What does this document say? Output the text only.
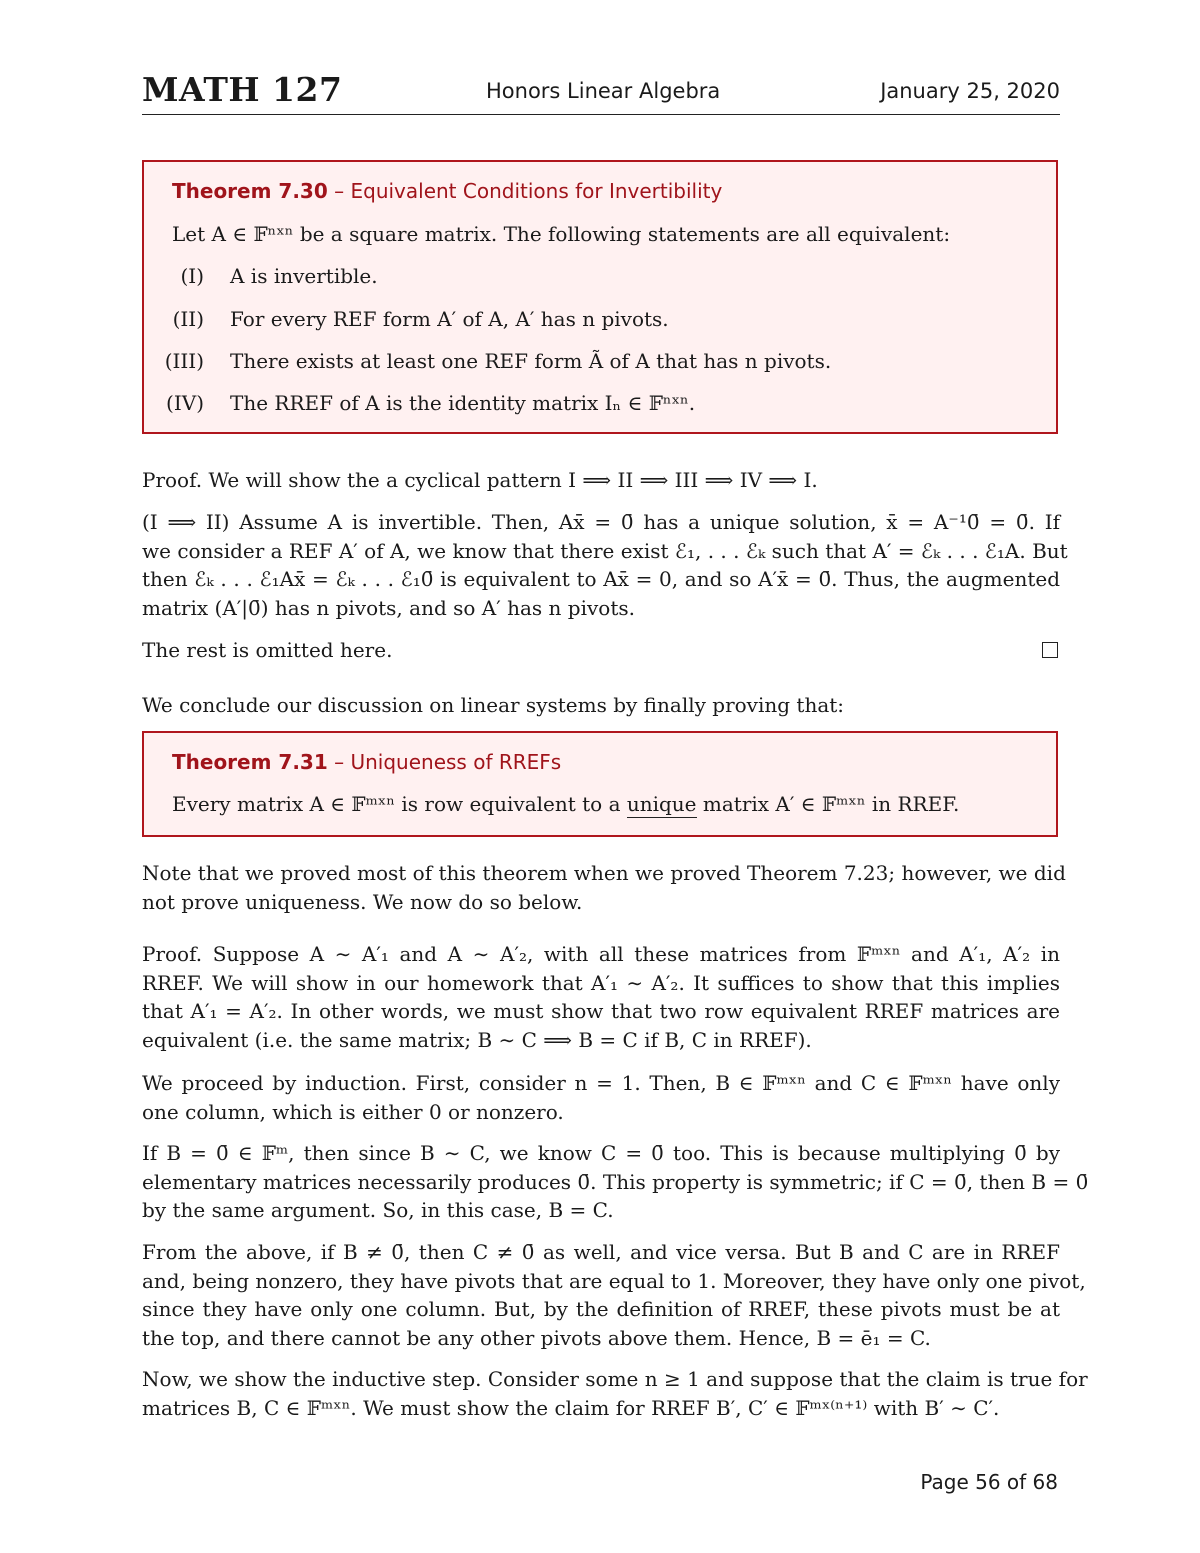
MATH 127	Honors Linear Algebra	January 25, 2020
Theorem 7.30 – Equivalent Conditions for Invertibility
Let A ∈ 𝔽ⁿˣⁿ be a square matrix. The following statements are all equivalent:
(I) A is invertible.
(II) For every REF form A′ of A, A′ has n pivots.
(III) There exists at least one REF form Ã of A that has n pivots.
(IV) The RREF of A is the identity matrix Iₙ ∈ 𝔽ⁿˣⁿ.
Proof. We will show the a cyclical pattern I ⟹ II ⟹ III ⟹ IV ⟹ I.
(I ⟹ II) Assume A is invertible. Then, Ax̄ = 0̄ has a unique solution, x̄ = A⁻¹0̄ = 0̄. If
we consider a REF A′ of A, we know that there exist ℰ₁, . . . ℰₖ such that A′ = ℰₖ . . . ℰ₁A. But
then ℰₖ . . . ℰ₁Ax̄ = ℰₖ . . . ℰ₁0̄ is equivalent to Ax̄ = 0, and so A′x̄ = 0̄. Thus, the augmented
matrix (A′|0̄) has n pivots, and so A′ has n pivots.
The rest is omitted here.
We conclude our discussion on linear systems by finally proving that:
Theorem 7.31 – Uniqueness of RREFs
Every matrix A ∈ 𝔽ᵐˣⁿ is row equivalent to a unique matrix A′ ∈ 𝔽ᵐˣⁿ in RREF.
Note that we proved most of this theorem when we proved Theorem 7.23; however, we did
not prove uniqueness. We now do so below.
Proof. Suppose A ∼ A′₁ and A ∼ A′₂, with all these matrices from 𝔽ᵐˣⁿ and A′₁, A′₂ in
RREF. We will show in our homework that A′₁ ∼ A′₂. It suffices to show that this implies
that A′₁ = A′₂. In other words, we must show that two row equivalent RREF matrices are
equivalent (i.e. the same matrix; B ∼ C ⟹ B = C if B, C in RREF).
We proceed by induction. First, consider n = 1. Then, B ∈ 𝔽ᵐˣⁿ and C ∈ 𝔽ᵐˣⁿ have only
one column, which is either 0 or nonzero.
If B = 0̄ ∈ 𝔽ᵐ, then since B ∼ C, we know C = 0̄ too. This is because multiplying 0̄ by
elementary matrices necessarily produces 0̄. This property is symmetric; if C = 0̄, then B = 0̄
by the same argument. So, in this case, B = C.
From the above, if B ≠ 0̄, then C ≠ 0̄ as well, and vice versa. But B and C are in RREF
and, being nonzero, they have pivots that are equal to 1. Moreover, they have only one pivot,
since they have only one column. But, by the definition of RREF, these pivots must be at
the top, and there cannot be any other pivots above them. Hence, B = ē₁ = C.
Now, we show the inductive step. Consider some n ≥ 1 and suppose that the claim is true for
matrices B, C ∈ 𝔽ᵐˣⁿ. We must show the claim for RREF B′, C′ ∈ 𝔽ᵐˣ⁽ⁿ⁺¹⁾ with B′ ∼ C′.
Page 56 of 68
